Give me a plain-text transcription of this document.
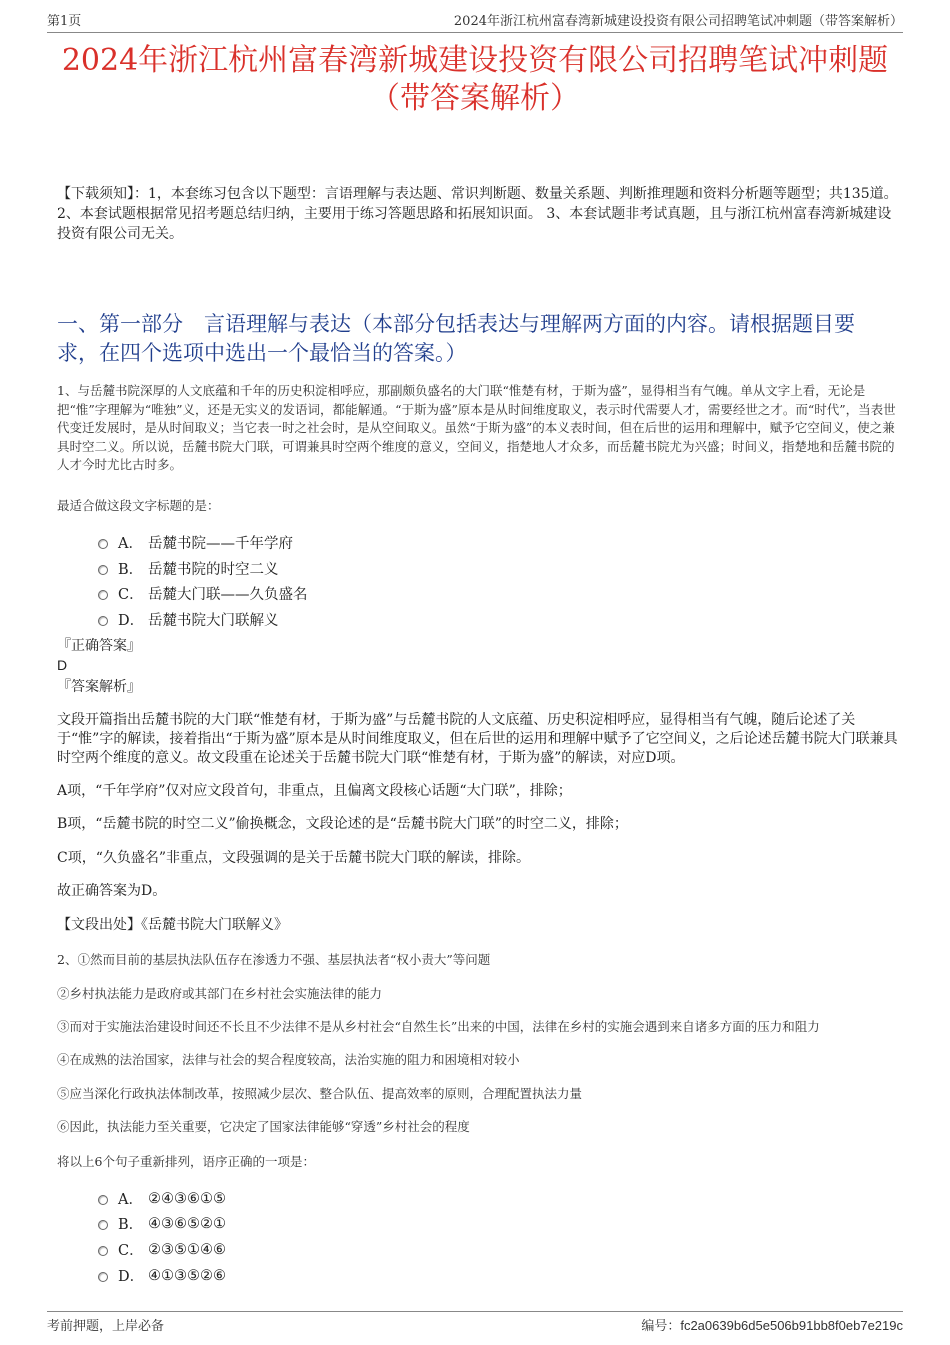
第1页	2024年浙江杭州富春湾新城建设投资有限公司招聘笔试冲刺题（带答案解析）
2024年浙江杭州富春湾新城建设投资有限公司招聘笔试冲刺题
（带答案解析）
【下载须知】：1，本套练习包含以下题型：言语理解与表达题、常识判断题、数量关系题、判断推理题和资料分析题等题型；共135道。 2、本套试题根据常见招考题总结归纳，主要用于练习答题思路和拓展知识面。 3、本套试题非考试真题，且与浙江杭州富春湾新城建设投资有限公司无关。
一、第一部分　言语理解与表达（本部分包括表达与理解两方面的内容。请根据题目要求，在四个选项中选出一个最恰当的答案。）
1、与岳麓书院深厚的人文底蕴和千年的历史积淀相呼应，那副颇负盛名的大门联“惟楚有材，于斯为盛”，显得相当有气魄。单从文字上看，无论是把“惟”字理解为“唯独”义，还是无实义的发语词，都能解通。“于斯为盛”原本是从时间维度取义，表示时代需要人才，需要经世之才。而“时代”，当表世代变迁发展时，是从时间取义；当它表一时之社会时，是从空间取义。虽然“于斯为盛”的本义表时间，但在后世的运用和理解中，赋予它空间义，使之兼具时空二义。所以说，岳麓书院大门联，可谓兼具时空两个维度的意义，空间义，指楚地人才众多，而岳麓书院尤为兴盛；时间义，指楚地和岳麓书院的人才今时尤比古时多。
最适合做这段文字标题的是：
A． 岳麓书院——千年学府
B． 岳麓书院的时空二义
C． 岳麓大门联——久负盛名
D． 岳麓书院大门联解义
『正确答案』
D
『答案解析』
文段开篇指出岳麓书院的大门联“惟楚有材，于斯为盛”与岳麓书院的人文底蕴、历史积淀相呼应，显得相当有气魄，随后论述了关于“惟”字的解读，接着指出“于斯为盛”原本是从时间维度取义，但在后世的运用和理解中赋予了它空间义，之后论述岳麓书院大门联兼具时空两个维度的意义。故文段重在论述关于岳麓书院大门联“惟楚有材，于斯为盛”的解读，对应D项。
A项，“千年学府”仅对应文段首句，非重点，且偏离文段核心话题“大门联”，排除；
B项，“岳麓书院的时空二义”偷换概念，文段论述的是“岳麓书院大门联”的时空二义，排除；
C项，“久负盛名”非重点，文段强调的是关于岳麓书院大门联的解读，排除。
故正确答案为D。
【文段出处】《岳麓书院大门联解义》
2、①然而目前的基层执法队伍存在渗透力不强、基层执法者“权小责大”等问题
②乡村执法能力是政府或其部门在乡村社会实施法律的能力
③而对于实施法治建设时间还不长且不少法律不是从乡村社会“自然生长”出来的中国，法律在乡村的实施会遇到来自诸多方面的压力和阻力
④在成熟的法治国家，法律与社会的契合程度较高，法治实施的阻力和困境相对较小
⑤应当深化行政执法体制改革，按照减少层次、整合队伍、提高效率的原则，合理配置执法力量
⑥因此，执法能力至关重要，它决定了国家法律能够“穿透”乡村社会的程度
将以上6个句子重新排列，语序正确的一项是：
A． ②④③⑥①⑤
B． ④③⑥⑤②①
C． ②③⑤①④⑥
D． ④①③⑤②⑥
考前押题，上岸必备	编号：fc2a0639b6d5e506b91bb8f0eb7e219c
